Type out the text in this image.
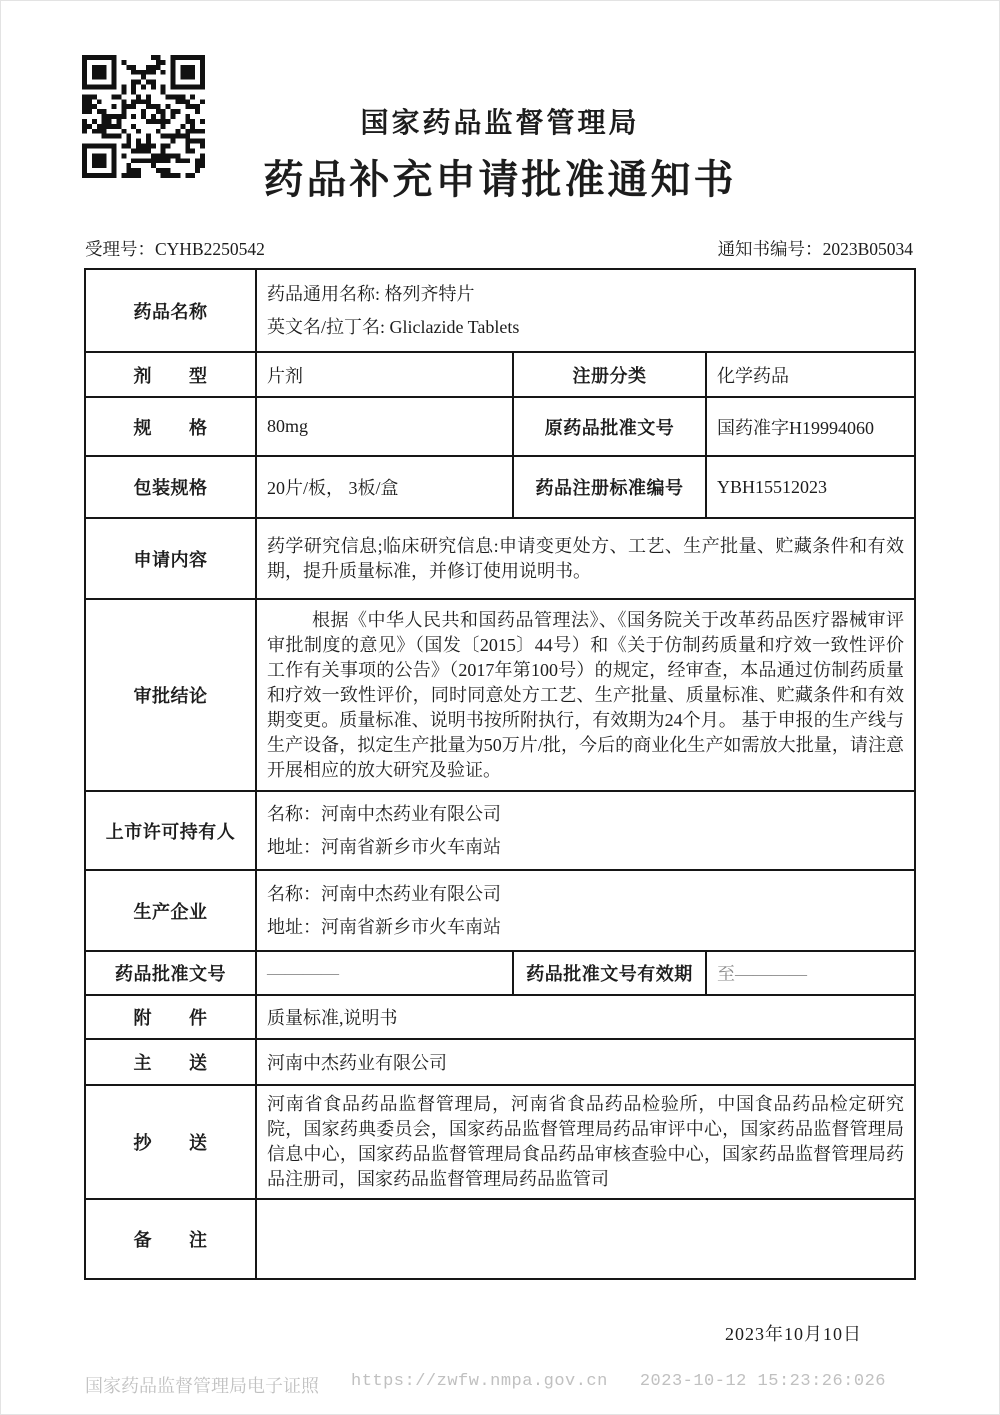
国家药品监督管理局
药品补充申请批准通知书
受理号：CYHB2250542	通知书编号：2023B05034
药品名称	药品通用名称: 格列齐特片
英文名/拉丁名: Gliclazide Tablets		

剂　　型	片剂	注册分类	化学药品
规　　格	80mg	原药品批准文号	国药准字H19994060
包装规格	20片/板， 3板/盒	药品注册标准编号	YBH15512023
申请内容	药学研究信息;临床研究信息:申请变更处方、工艺、生产批量、贮藏条件和有效期，提升质量标准，并修订使用说明书。		
审批结论	根据《中华人民共和国药品管理法》、《国务院关于改革药品医疗器械审评审批制度的意见》（国发〔2015〕44号）和《关于仿制药质量和疗效一致性评价工作有关事项的公告》（2017年第100号）的规定，经审查，本品通过仿制药质量和疗效一致性评价，同时同意处方工艺、生产批量、质量标准、贮藏条件和有效期变更。质量标准、说明书按所附执行，有效期为24个月。 基于申报的生产线与生产设备，拟定生产批量为50万片/批，今后的商业化生产如需放大批量，请注意开展相应的放大研究及验证。		
上市许可持有人	名称：河南中杰药业有限公司
地址：河南省新乡市火车南站		

生产企业	名称：河南中杰药业有限公司
地址：河南省新乡市火车南站		

药品批准文号	————	药品批准文号有效期	至————
附　　件	质量标准,说明书		
主　　送	河南中杰药业有限公司		
抄　　送	河南省食品药品监督管理局，河南省食品药品检验所，中国食品药品检定研究院，国家药典委员会，国家药品监督管理局药品审评中心，国家药品监督管理局信息中心，国家药品监督管理局食品药品审核查验中心，国家药品监督管理局药品注册司，国家药品监督管理局药品监管司		
备　　注			
2023年10月10日
国家药品监督管理局电子证照 https://zwfw.nmpa.gov.cn 2023-10-12 15:23:26:026
